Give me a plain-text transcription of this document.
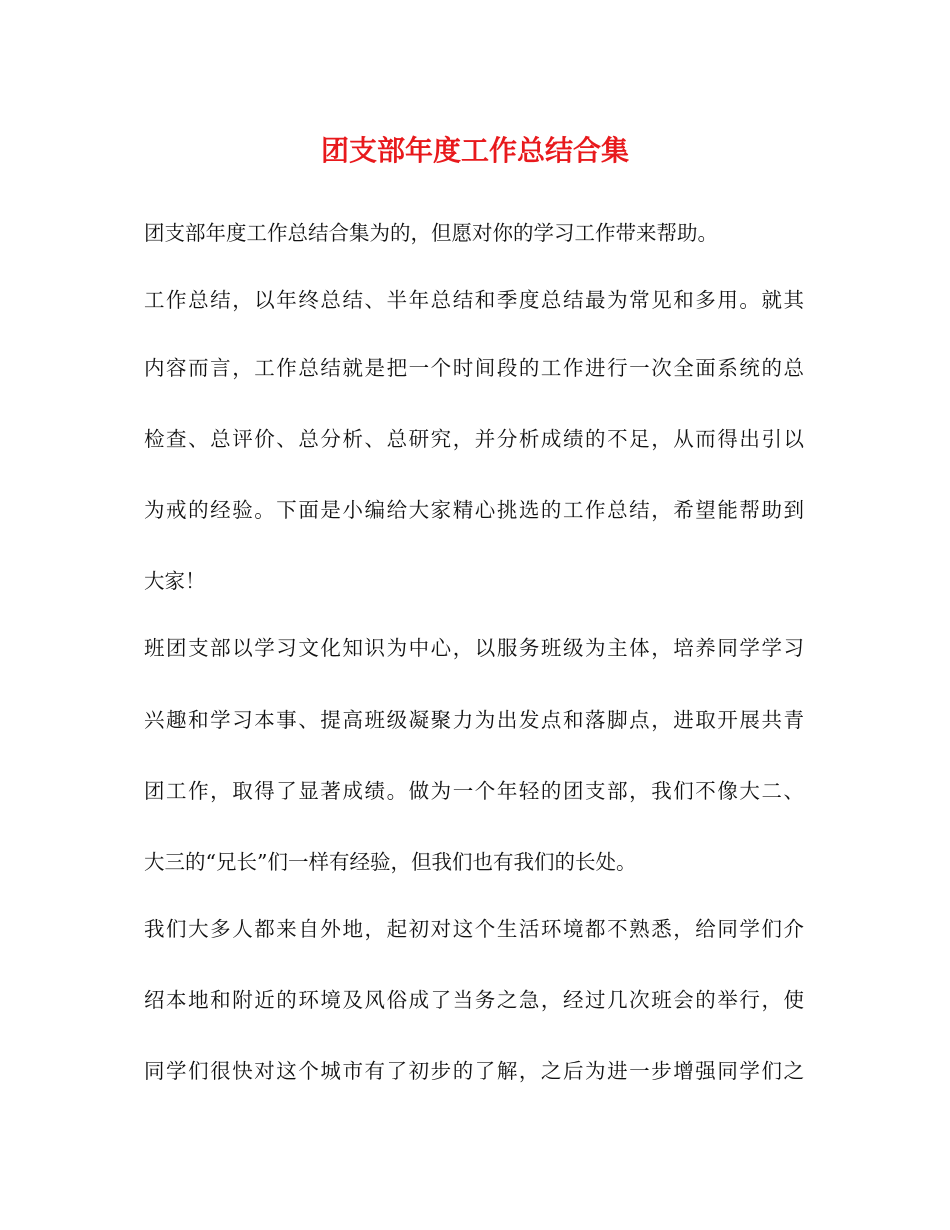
团支部年度工作总结合集
团支部年度工作总结合集为的，但愿对你的学习工作带来帮助。
工作总结，以年终总结、半年总结和季度总结最为常见和多用。就其
内容而言，工作总结就是把一个时间段的工作进行一次全面系统的总
检查、总评价、总分析、总研究，并分析成绩的不足，从而得出引以
为戒的经验。下面是小编给大家精心挑选的工作总结，希望能帮助到
大家！
班团支部以学习文化知识为中心，以服务班级为主体，培养同学学习
兴趣和学习本事、提高班级凝聚力为出发点和落脚点，进取开展共青
团工作，取得了显著成绩。做为一个年轻的团支部，我们不像大二、
大三的“兄长”们一样有经验，但我们也有我们的长处。
我们大多人都来自外地，起初对这个生活环境都不熟悉，给同学们介
绍本地和附近的环境及风俗成了当务之急，经过几次班会的举行，使
同学们很快对这个城市有了初步的了解，之后为进一步增强同学们之
